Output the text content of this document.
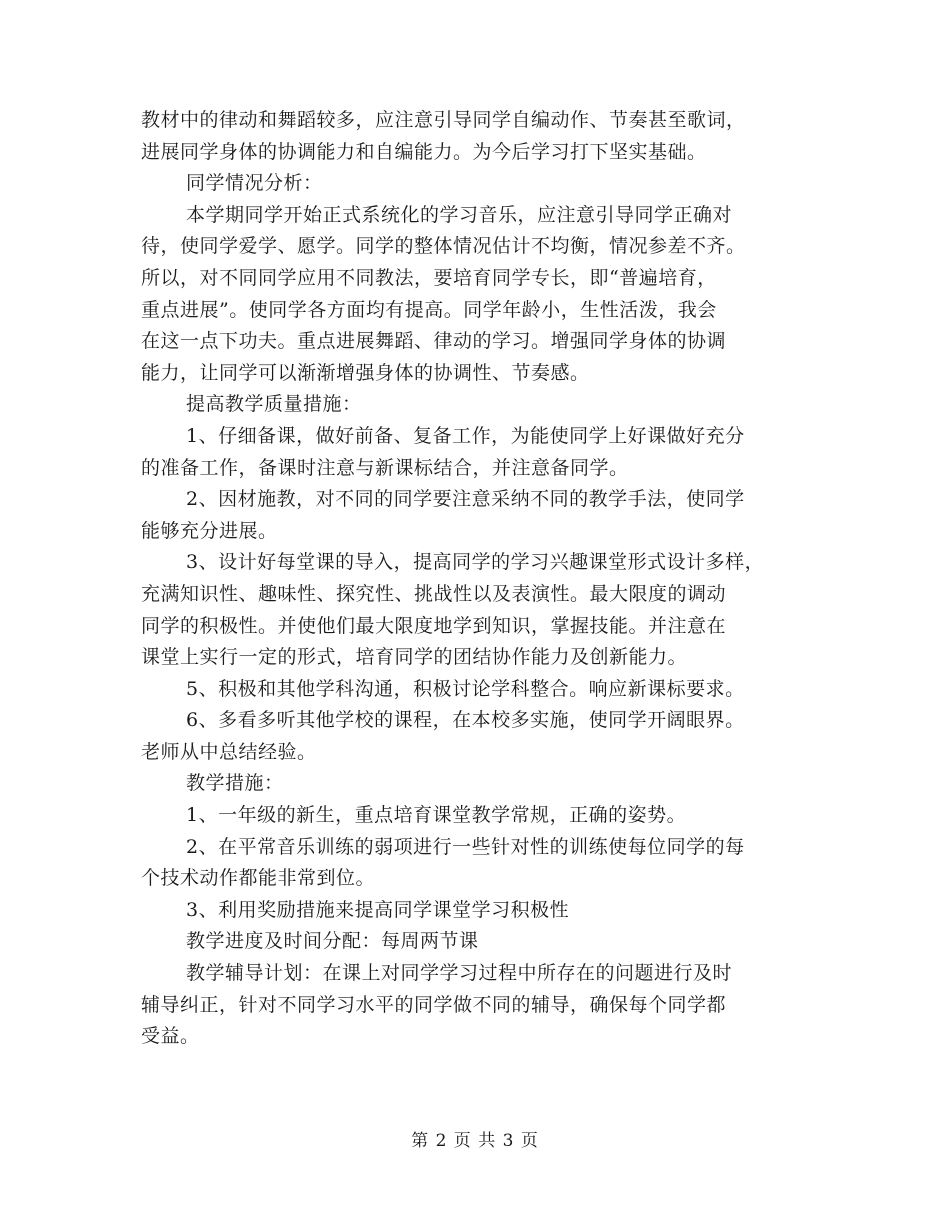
教材中的律动和舞蹈较多，应注意引导同学自编动作、节奏甚至歌词，
进展同学身体的协调能力和自编能力。为今后学习打下坚实基础。
同学情况分析：
本学期同学开始正式系统化的学习音乐，应注意引导同学正确对
待，使同学爱学、愿学。同学的整体情况估计不均衡，情况参差不齐。
所以，对不同同学应用不同教法，要培育同学专长，即“普遍培育，
重点进展”。使同学各方面均有提高。同学年龄小，生性活泼，我会
在这一点下功夫。重点进展舞蹈、律动的学习。增强同学身体的协调
能力，让同学可以渐渐增强身体的协调性、节奏感。
提高教学质量措施：
1、仔细备课，做好前备、复备工作，为能使同学上好课做好充分
的准备工作，备课时注意与新课标结合，并注意备同学。
2、因材施教，对不同的同学要注意采纳不同的教学手法，使同学
能够充分进展。
3、设计好每堂课的导入，提高同学的学习兴趣课堂形式设计多样，
充满知识性、趣味性、探究性、挑战性以及表演性。最大限度的调动
同学的积极性。并使他们最大限度地学到知识，掌握技能。并注意在
课堂上实行一定的形式，培育同学的团结协作能力及创新能力。
5、积极和其他学科沟通，积极讨论学科整合。响应新课标要求。
6、多看多听其他学校的课程，在本校多实施，使同学开阔眼界。
老师从中总结经验。
教学措施：
1、一年级的新生，重点培育课堂教学常规，正确的姿势。
2、在平常音乐训练的弱项进行一些针对性的训练使每位同学的每
个技术动作都能非常到位。
3、利用奖励措施来提高同学课堂学习积极性
教学进度及时间分配：每周两节课
教学辅导计划：在课上对同学学习过程中所存在的问题进行及时
辅导纠正，针对不同学习水平的同学做不同的辅导，确保每个同学都
受益。
第 2 页 共 3 页
